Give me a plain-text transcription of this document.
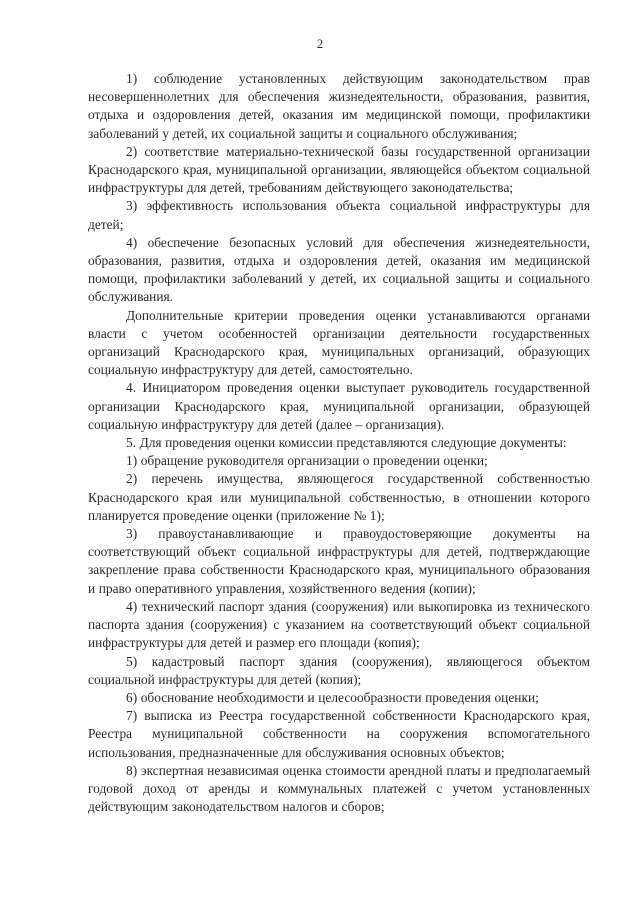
2

1) соблюдение установленных действующим законодательством прав несовершеннолетних для обеспечения жизнедеятельности, образования, развития, отдыха и оздоровления детей, оказания им медицинской помощи, профилактики заболеваний у детей, их социальной защиты и социального обслуживания;

2) соответствие материально-технической базы государственной организации Краснодарского края, муниципальной организации, являющейся объектом социальной инфраструктуры для детей, требованиям действующего законодательства;

3) эффективность использования объекта социальной инфраструктуры для детей;

4) обеспечение безопасных условий для обеспечения жизнедеятельности, образования, развития, отдыха и оздоровления детей, оказания им медицинской помощи, профилактики заболеваний у детей, их социальной защиты и социального обслуживания.

Дополнительные критерии проведения оценки устанавливаются органами власти с учетом особенностей организации деятельности государственных организаций Краснодарского края, муниципальных организаций, образующих социальную инфраструктуру для детей, самостоятельно.

4. Инициатором проведения оценки выступает руководитель государственной организации Краснодарского края, муниципальной организации, образующей социальную инфраструктуру для детей (далее – организация).

5. Для проведения оценки комиссии представляются следующие документы:

1) обращение руководителя организации о проведении оценки;

2) перечень имущества, являющегося государственной собственностью Краснодарского края или муниципальной собственностью, в отношении которого планируется проведение оценки (приложение № 1);

3) правоустанавливающие и правоудостоверяющие документы на соответствующий объект социальной инфраструктуры для детей, подтверждающие закрепление права собственности Краснодарского края, муниципального образования и право оперативного управления, хозяйственного ведения (копии);

4) технический паспорт здания (сооружения) или выкопировка из технического паспорта здания (сооружения) с указанием на соответствующий объект социальной инфраструктуры для детей и размер его площади (копия);

5) кадастровый паспорт здания (сооружения), являющегося объектом социальной инфраструктуры для детей (копия);

6) обоснование необходимости и целесообразности проведения оценки;

7) выписка из Реестра государственной собственности Краснодарского края, Реестра муниципальной собственности на сооружения вспомогательного использования, предназначенные для обслуживания основных объектов;

8) экспертная независимая оценка стоимости арендной платы и предполагаемый годовой доход от аренды и коммунальных платежей с учетом установленных действующим законодательством налогов и сборов;
